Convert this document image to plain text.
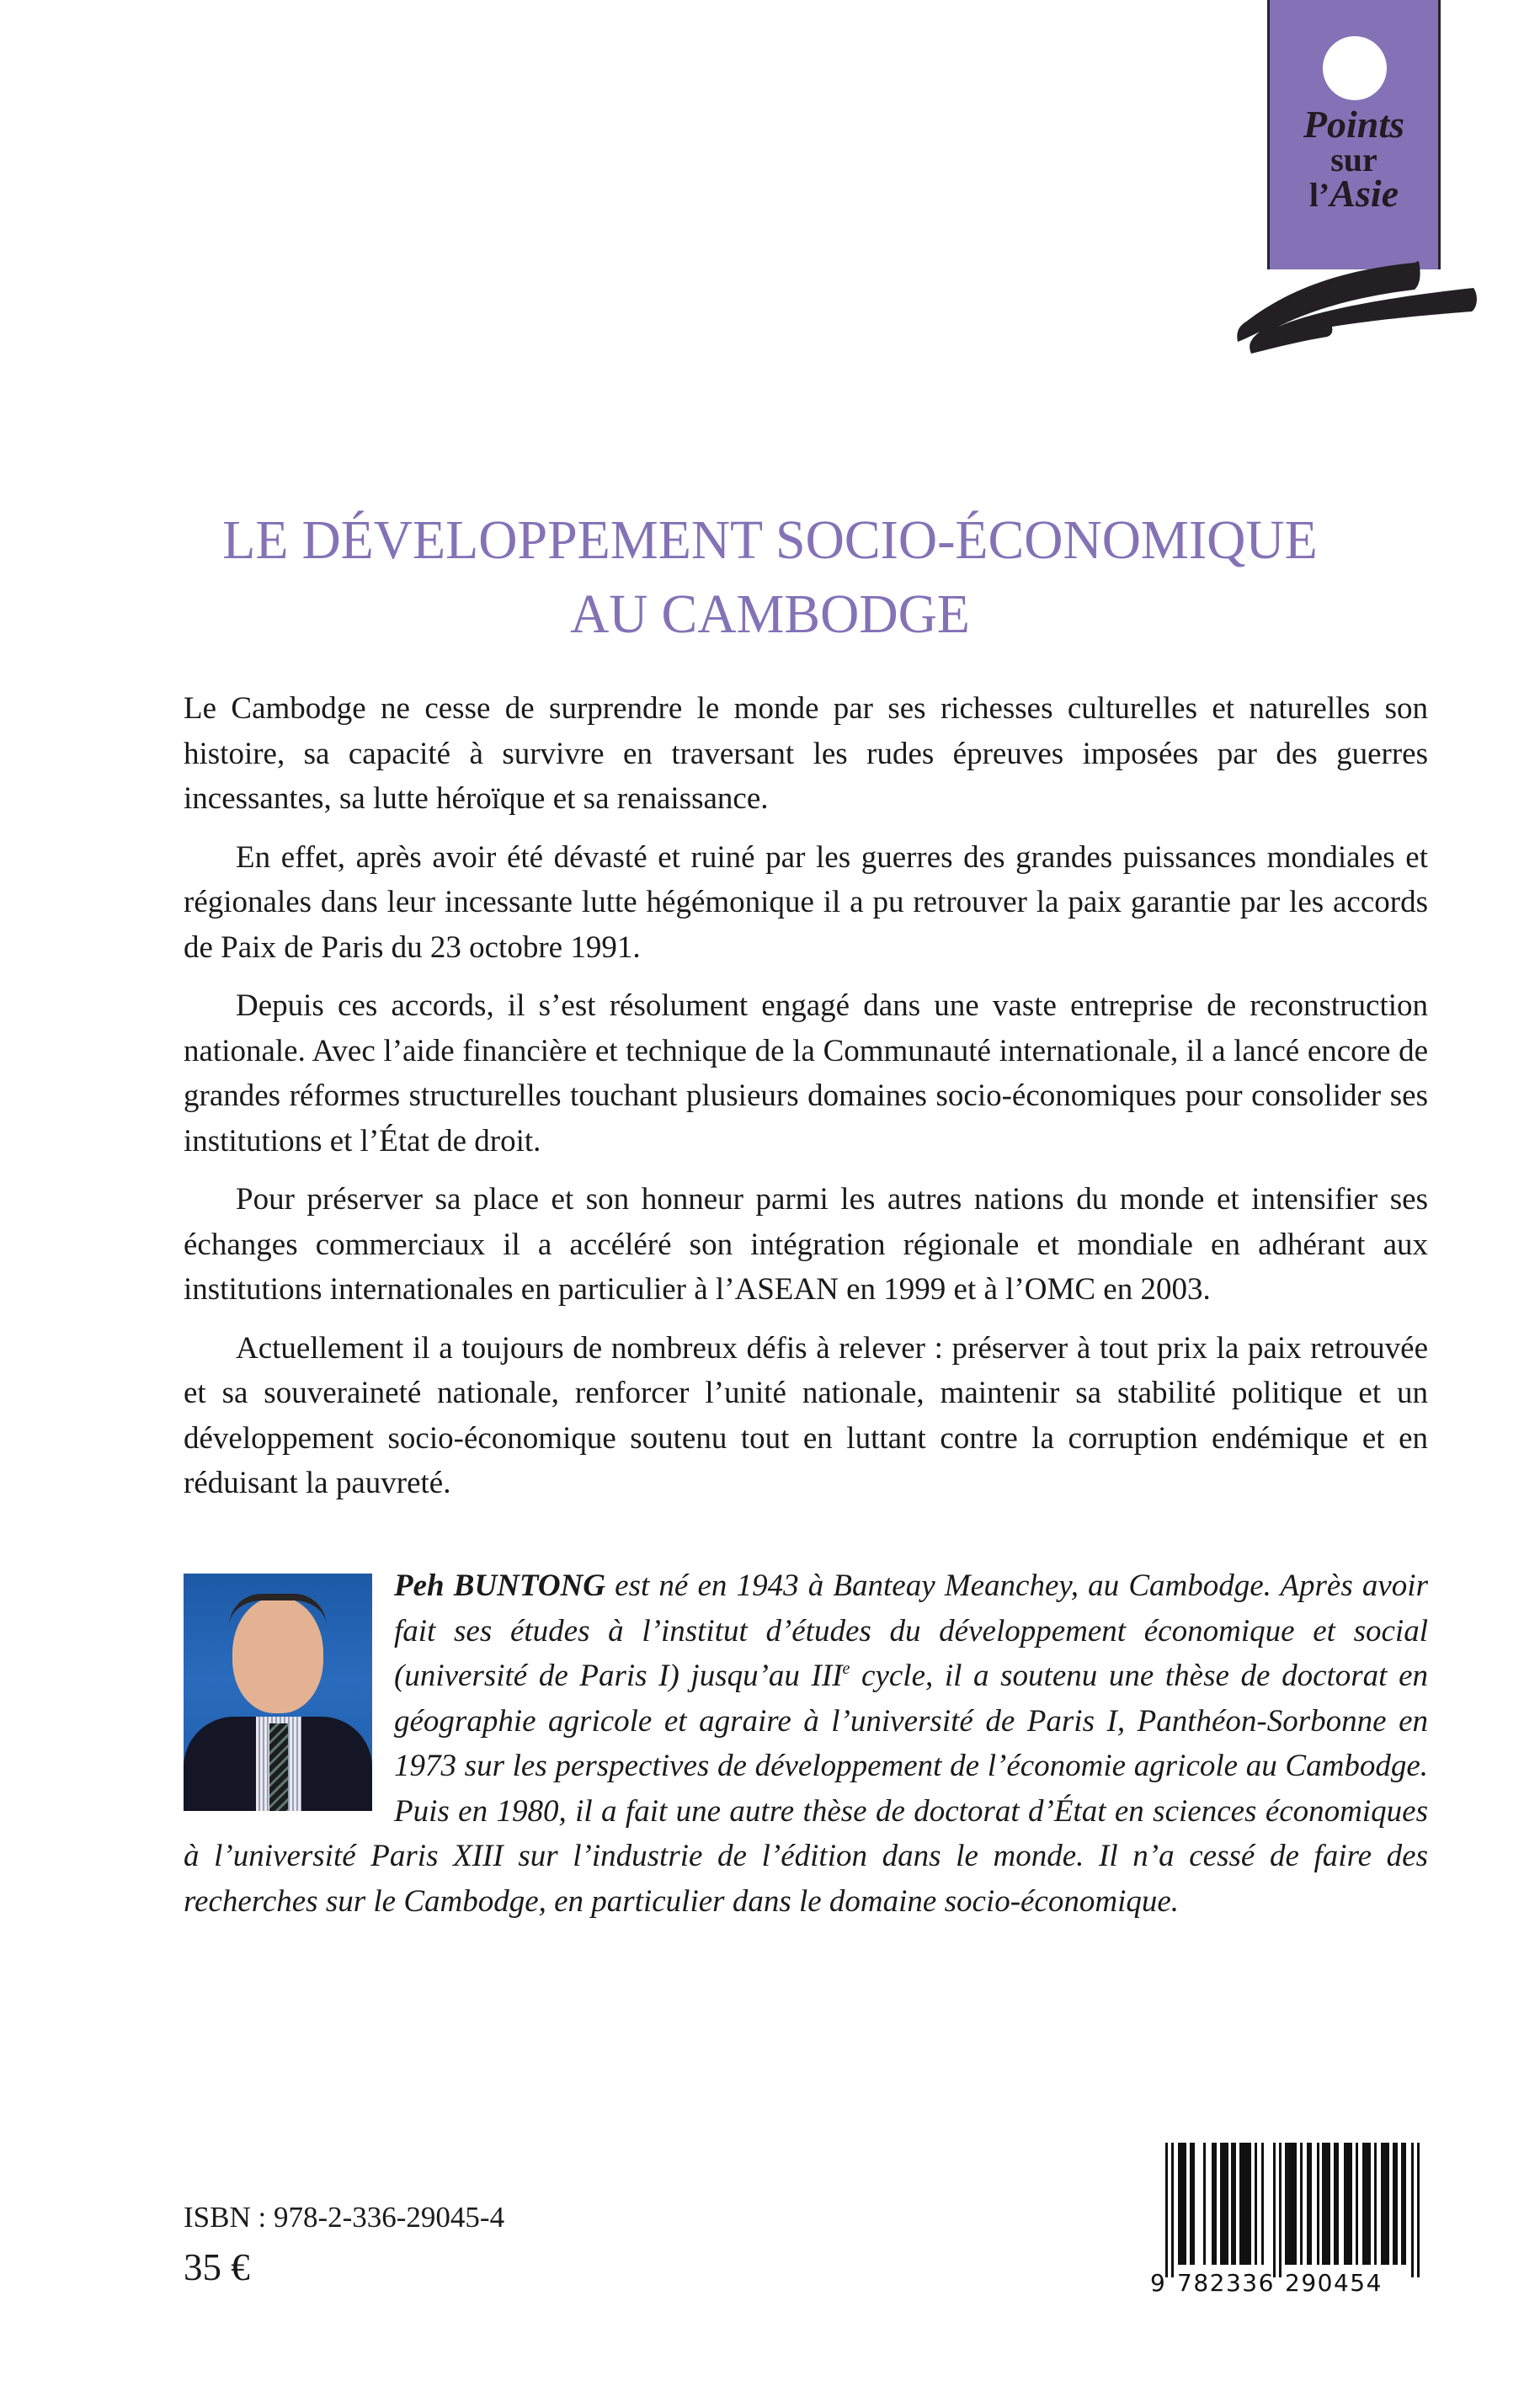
Points
sur
l’Asie
LE DÉVELOPPEMENT SOCIO-ÉCONOMIQUE
AU CAMBODGE

Le Cambodge ne cesse de surprendre le monde par ses richesses culturelles et naturelles son histoire, sa capacité à survivre en traversant les rudes épreuves imposées par des guerres incessantes, sa lutte héroïque et sa renaissance.

En effet, après avoir été dévasté et ruiné par les guerres des grandes puissances mondiales et régionales dans leur incessante lutte hégémonique il a pu retrouver la paix garantie par les accords de Paix de Paris du 23 octobre 1991.

Depuis ces accords, il s’est résolument engagé dans une vaste entreprise de reconstruction nationale. Avec l’aide financière et technique de la Communauté internationale, il a lancé encore de grandes réformes structurelles touchant plusieurs domaines socio-économiques pour consolider ses institutions et l’État de droit.

Pour préserver sa place et son honneur parmi les autres nations du monde et intensifier ses échanges commerciaux il a accéléré son intégration régionale et mondiale en adhérant aux institutions internationales en particulier à l’ASEAN en 1999 et à l’OMC en 2003.

Actuellement il a toujours de nombreux défis à relever : préserver à tout prix la paix retrouvée et sa souveraineté nationale, renforcer l’unité nationale, maintenir sa stabilité politique et un développement socio-économique soutenu tout en luttant contre la corruption endémique et en réduisant la pauvreté.

Peh BUNTONG est né en 1943 à Banteay Meanchey, au Cambodge. Après avoir fait ses études à l’institut d’études du développement économique et social (université de Paris I) jusqu’au IIIe cycle, il a soutenu une thèse de doctorat en géographie agricole et agraire à l’université de Paris I, Panthéon-Sorbonne en 1973 sur les perspectives de développement de l’économie agricole au Cambodge. Puis en 1980, il a fait une autre thèse de doctorat d’État en sciences économiques à l’université Paris XIII sur l’industrie de l’édition dans le monde. Il n’a cessé de faire des recherches sur le Cambodge, en particulier dans le domaine socio-économique.
ISBN : 978-2-336-29045-4
35 €	9 782336 290454
